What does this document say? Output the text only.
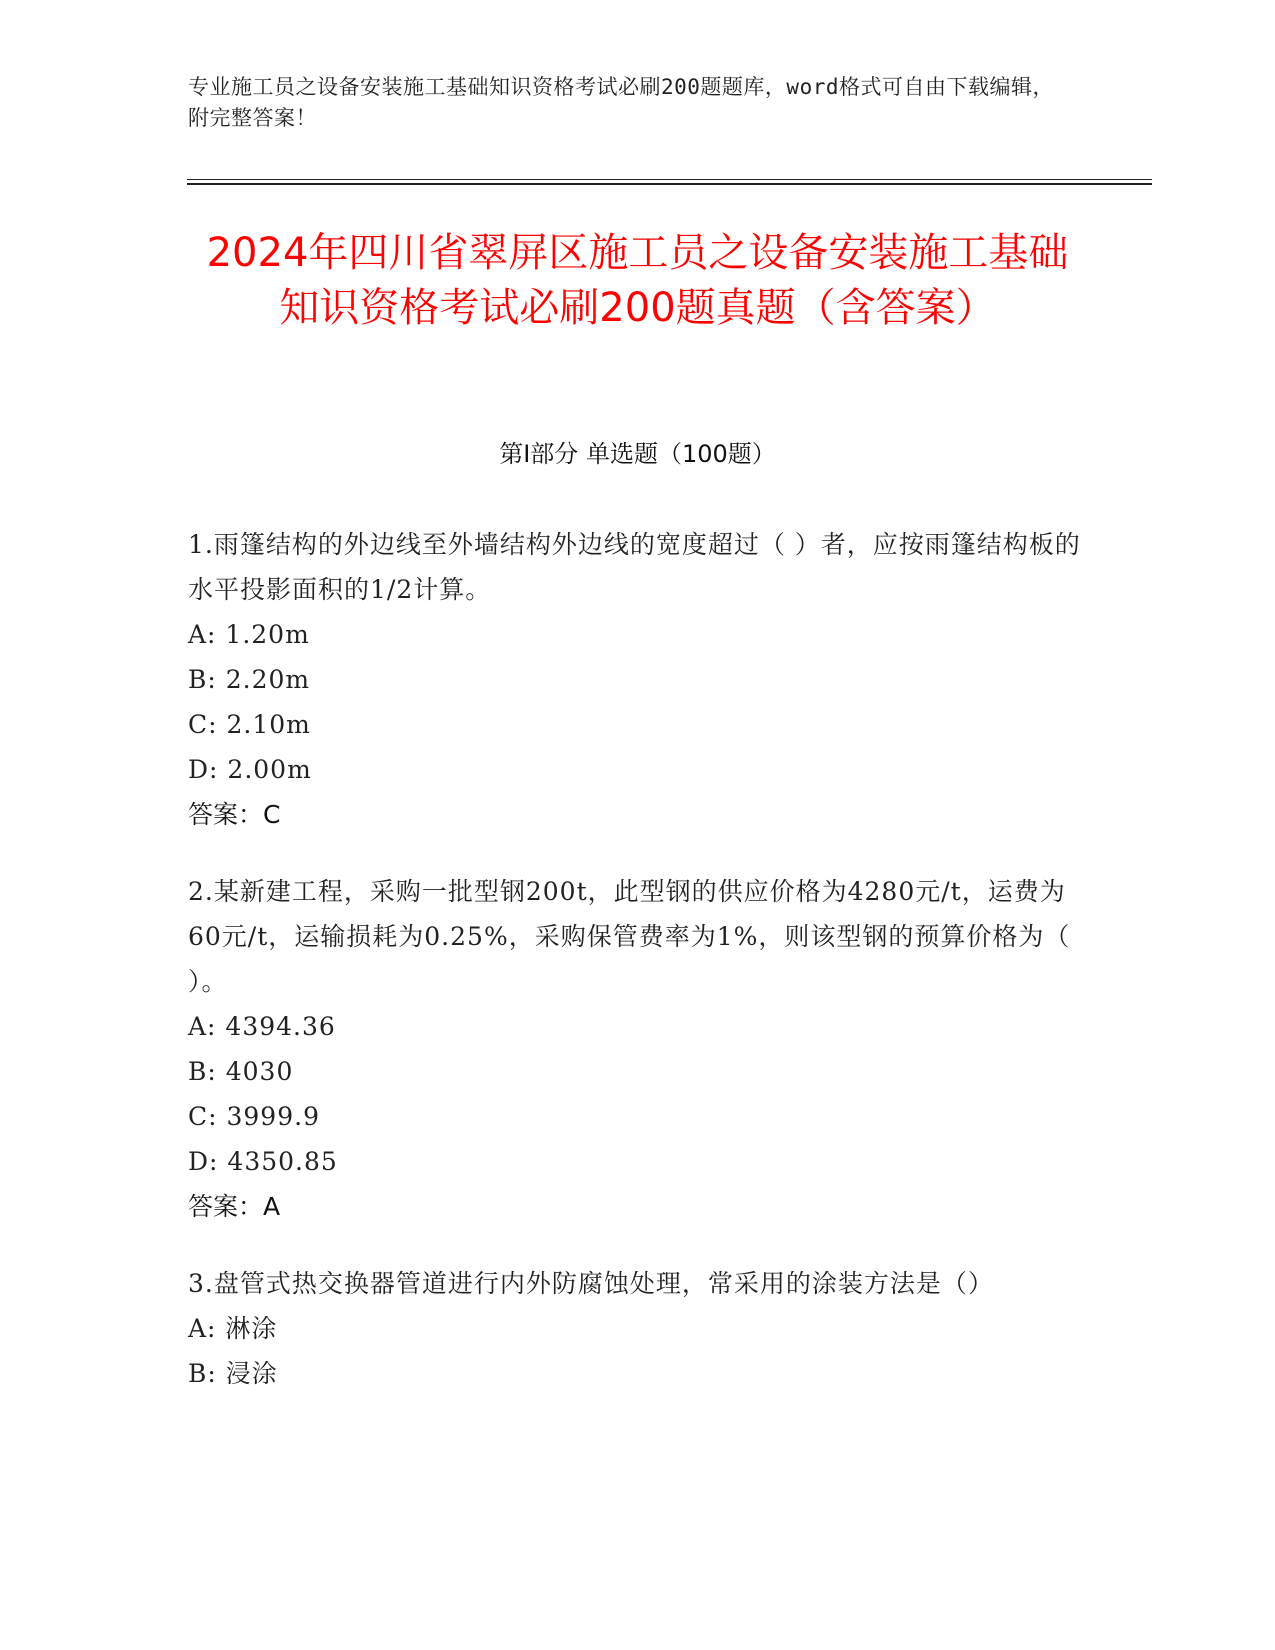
专业施工员之设备安装施工基础知识资格考试必刷200题题库，word格式可自由下载编辑，附完整答案！
2024年四川省翠屏区施工员之设备安装施工基础知识资格考试必刷200题真题（含答案）
第I部分 单选题（100题）

1.雨篷结构的外边线至外墙结构外边线的宽度超过（ ）者，应按雨篷结构板的水平投影面积的1/2计算。

A: 1.20m

B: 2.20m

C: 2.10m

D: 2.00m

答案：C

2.某新建工程，采购一批型钢200t，此型钢的供应价格为4280元/t，运费为60元/t，运输损耗为0.25%，采购保管费率为1%，则该型钢的预算价格为（ ）。

A: 4394.36

B: 4030

C: 3999.9

D: 4350.85

答案：A

3.盘管式热交换器管道进行内外防腐蚀处理，常采用的涂装方法是（）

A: 淋涂

B: 浸涂
